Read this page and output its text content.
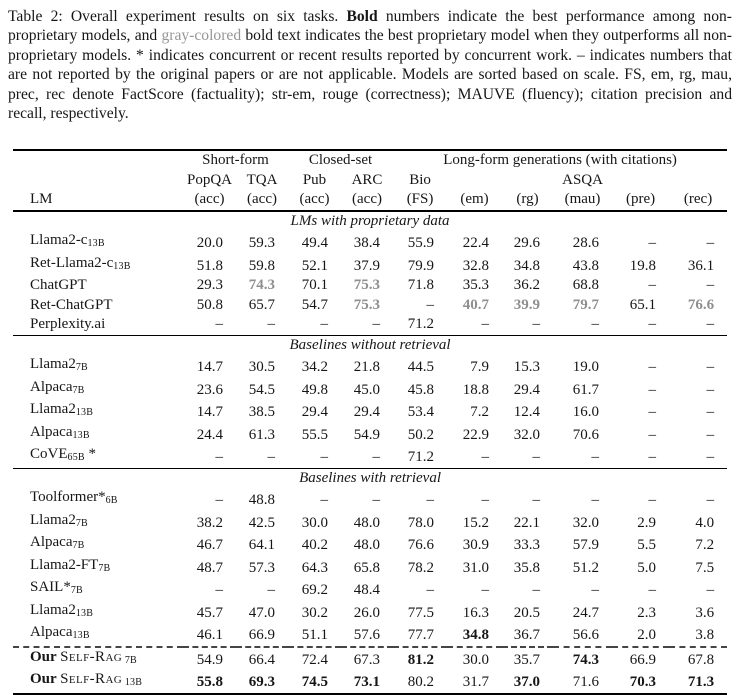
Table 2: Overall experiment results on six tasks. Bold numbers indicate the best performance among non-proprietary models, and gray-colored bold text indicates the best proprietary model when they outperforms all non-proprietary models. * indicates concurrent or recent results reported by concurrent work. – indicates numbers that are not reported by the original papers or are not applicable. Models are sorted based on scale. FS, em, rg, mau, prec, rec denote FactScore (factuality); str-em, rouge (correctness); MAUVE (fluency); citation precision and recall, respectively.

	Short-form		Closed-set		Long-form generations (with citations)					
	PopQA	TQA	Pub	ARC	Bio			ASQA		
LM	(acc)	(acc)	(acc)	(acc)	(FS)	(em)	(rg)	(mau)	(pre)	(rec)
LMs with proprietary data										
$Llama2-c_{13B}$	20.0	59.3	49.4	38.4	55.9	22.4	29.6	28.6	–	–
Ret-$Llama2-c_{13B}$	51.8	59.8	52.1	37.9	79.9	32.8	34.8	43.8	19.8	36.1
ChatGPT	29.3	74.3	70.1	75.3	71.8	35.3	36.2	68.8	–	–
Ret-ChatGPT	50.8	65.7	54.7	75.3	–	40.7	39.9	79.7	65.1	76.6
Perplexity.ai	–	–	–	–	71.2	–	–	–	–	–
Baselines without retrieval										
$Llama2_{7B}$	14.7	30.5	34.2	21.8	44.5	7.9	15.3	19.0	–	–
Alpaca$_{7B}$	23.6	54.5	49.8	45.0	45.8	18.8	29.4	61.7	–	–
$Llama2_{13B}$	14.7	38.5	29.4	29.4	53.4	7.2	12.4	16.0	–	–
Alpaca$_{13B}$	24.4	61.3	55.5	54.9	50.2	22.9	32.0	70.6	–	–
CoVE$_{65B}$ *	–	–	–	–	71.2	–	–	–	–	–
Baselines with retrieval										
$Toolformer*_{6B}$	–	48.8	–	–	–	–	–	–	–	–
$Llama2_{7B}$	38.2	42.5	30.0	48.0	78.0	15.2	22.1	32.0	2.9	4.0
Alpaca$_{7B}$	46.7	64.1	40.2	48.0	76.6	30.9	33.3	57.9	5.5	7.2
$Llama2-FT_{7B}$	48.7	57.3	64.3	65.8	78.2	31.0	35.8	51.2	5.0	7.5
$SAIL*_{7B}$	–	–	69.2	48.4	–	–	–	–	–	–
$Llama2_{13B}$	45.7	47.0	30.2	26.0	77.5	16.3	20.5	24.7	2.3	3.6
Alpaca$_{13B}$	46.1	66.9	51.1	57.6	77.7	34.8	36.7	56.6	2.0	3.8
Our Self-Rag $_{7B}$	54.9	66.4	72.4	67.3	81.2	30.0	35.7	74.3	66.9	67.8
Our Self-Rag $_{13B}$	55.8	69.3	74.5	73.1	80.2	31.7	37.0	71.6	70.3	71.3
